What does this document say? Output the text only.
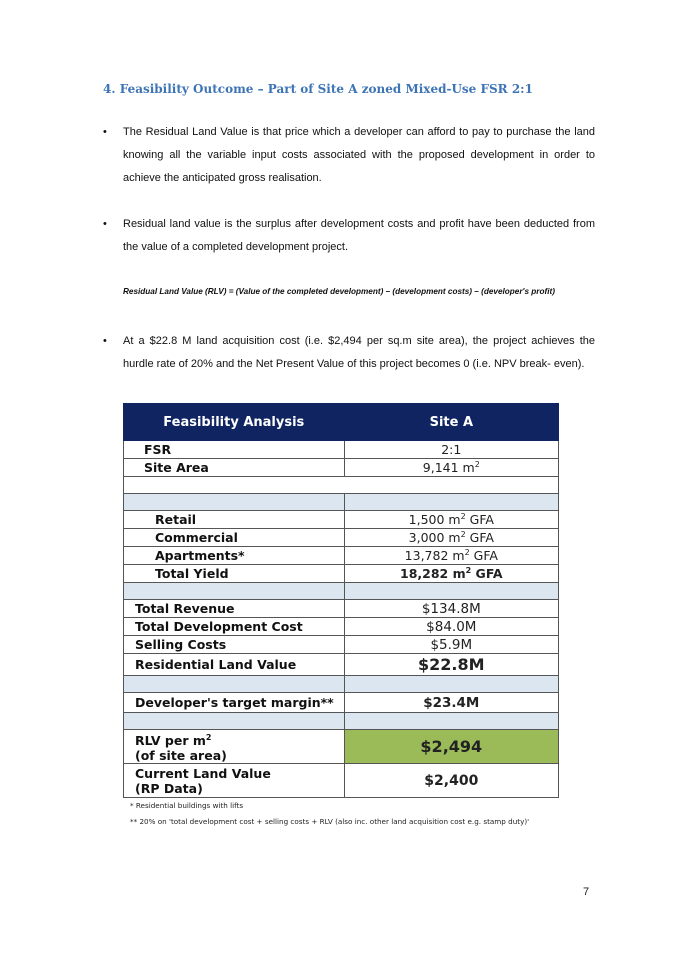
4. Feasibility Outcome – Part of Site A zoned Mixed-Use FSR 2:1
• The Residual Land Value is that price which a developer can afford to pay to purchase the land knowing all the variable input costs associated with the proposed development in order to achieve the anticipated gross realisation.
• Residual land value is the surplus after development costs and profit have been deducted from the value of a completed development project.
Residual Land Value (RLV) = (Value of the completed development) – (development costs) – (developer's profit)
• At a $22.8 M land acquisition cost (i.e. $2,494 per sq.m site area), the project achieves the hurdle rate of 20% and the Net Present Value of this project becomes 0 (i.e. NPV break- even).
Feasibility Analysis	Site A
FSR	2:1
Site Area	9,141 $m^2$

Retail	1,500 $m^2$ GFA
Commercial	3,000 $m^2$ GFA
Apartments*	13,782 $m^2$ GFA
Total Yield	18,282 $m^2$ GFA

Total Revenue	$134.8M
Total Development Cost	$84.0M
Selling Costs	$5.9M
Residential Land Value	$22.8M

Developer's target margin**	$23.4M

RLV per $m^2$
(of site area)	$2,494
Current Land Value
(RP Data)	$2,400
* Residential buildings with lifts
** 20% on 'total development cost + selling costs + RLV (also inc. other land acquisition cost e.g. stamp duty)'
7
